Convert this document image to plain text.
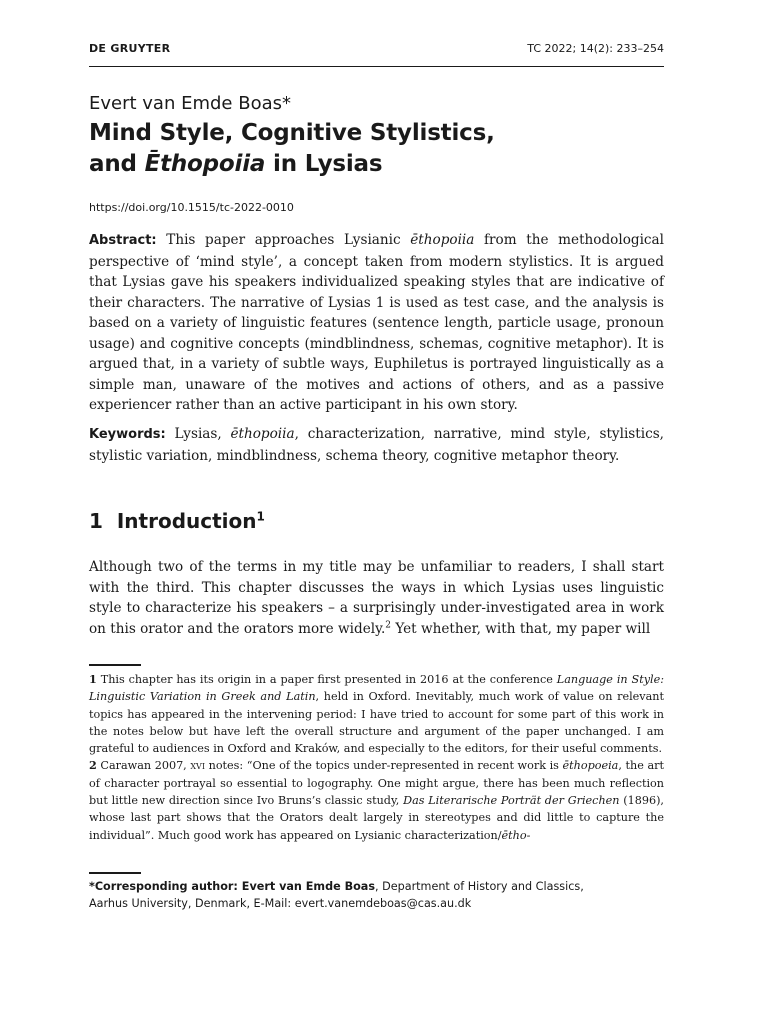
DE GRUYTER	TC 2022; 14(2): 233–254
Evert van Emde Boas*
Mind Style, Cognitive Stylistics,
and Ēthopoiia in Lysias
https://doi.org/10.1515/tc-2022-0010
Abstract: This paper approaches Lysianic ēthopoiia from the methodological perspective of ‘mind style’, a concept taken from modern stylistics. It is argued that Lysias gave his speakers individualized speaking styles that are indicative of their characters. The narrative of Lysias 1 is used as test case, and the analysis is based on a variety of linguistic features (sentence length, particle usage, pronoun usage) and cognitive concepts (mindblindness, schemas, cognitive metaphor). It is argued that, in a variety of subtle ways, Euphiletus is portrayed linguistically as a simple man, unaware of the motives and actions of others, and as a passive experiencer rather than an active participant in his own story.
Keywords: Lysias, ēthopoiia, characterization, narrative, mind style, stylistics, stylistic variation, mindblindness, schema theory, cognitive metaphor theory.
1 Introduction$^1$
Although two of the terms in my title may be unfamiliar to readers, I shall start with the third. This chapter discusses the ways in which Lysias uses linguistic style to characterize his speakers – a surprisingly under-investigated area in work on this orator and the orators more widely.$^2$ Yet whether, with that, my paper will

1 This chapter has its origin in a paper first presented in 2016 at the conference Language in Style: Linguistic Variation in Greek and Latin, held in Oxford. Inevitably, much work of value on relevant topics has appeared in the intervening period: I have tried to account for some part of this work in the notes below but have left the overall structure and argument of the paper unchanged. I am grateful to audiences in Oxford and Kraków, and especially to the editors, for their useful comments.

2 Carawan 2007, xvi notes: “One of the topics under-represented in recent work is ēthopoeia, the art of character portrayal so essential to logography. One might argue, there has been much reflection but little new direction since Ivo Bruns’s classic study, Das Literarische Porträt der Griechen (1896), whose last part shows that the Orators dealt largely in stereotypes and did little to capture the individual”. Much good work has appeared on Lysianic characterization/ētho-

*Corresponding author: Evert van Emde Boas, Department of History and Classics,
Aarhus University, Denmark, E-Mail: evert.vanemdeboas@cas.au.dk
